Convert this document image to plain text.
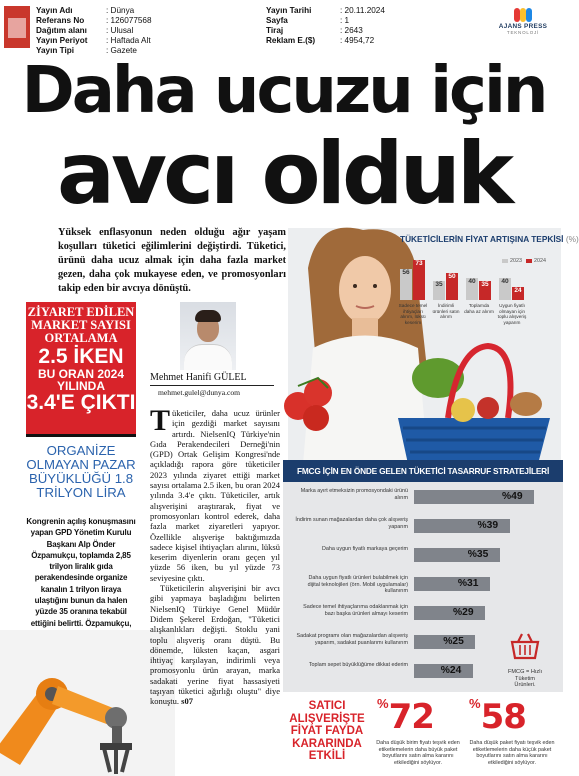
Yayın Adı	: Dünya
Referans No	: 126077568
Dağıtım alanı : Ulusal
Yayın Periyot : Haftada Alt
Yayın Tipi	: Gazete
Yayın Tarihi	: 20.11.2024
Sayfa	: 1
Tiraj	: 2643
Reklam E.($)	: 4954,72
AJANS PRESS
TEKNOLOJİ
Daha ucuzu için
avcı olduk
Yüksek enflasyonun neden olduğu ağır yaşam koşulları tüketici eğilimlerini değiştirdi. Tüketici, ürünü daha ucuz almak için daha fazla market gezen, daha çok mukayese eden, ve promosyonları takip eden bir avcıya dönüştü.
ZİYARET EDİLEN MARKET SAYISI ORTALAMA
2.5 İKEN
BU ORAN 2024 YILINDA
3.4'E ÇIKTI
ORGANİZE OLMAYAN PAZAR BÜYÜKLÜĞÜ 1.8 TRİLYON LİRA
Kongrenin açılış konuşmasını yapan GPD Yönetim Kurulu Başkanı Alp Önder Özpamukçu, toplamda 2,85 trilyon liralık gıda perakendesinde organize kanalın 1 trilyon liraya ulaştığını bunun da halen yüzde 35 oranına tekabül ettiğini belirtti. Özpamukçu,
Mehmet Hanifi GÜLEL
mehmet.gulel@dunya.com

Tüketiciler, daha ucuz ürünler için gezdiği market sayısını artırdı. NielsenIQ Türkiye'nin Gıda Perakendecileri Derneği'nin (GPD) Ortak Gelişim Kongresi'nde açıkladığı rapora göre tüketiciler 2023 yılında ziyaret ettiği market sayısı ortalama 2.5 iken, bu oran 2024 yılında 3.4'e çıktı. Tüketiciler, artık alışverişini araştırarak, fiyat ve promosyonları kontrol ederek, daha fazla market ziyaretleri yapıyor. Özellikle alışverişe baktığımızda sadece kişisel ihtiyaçları alırını, lüksü keserim diyenlerin oranı geçen yıl yüzde 56 iken, bu yıl yüzde 73 seviyesine çıktı.

Tüketicilerin alışverişini bir avcı gibi yapmaya başladığını belirten NielsenIQ Türkiye Genel Müdür Didem Şekerel Erdoğan, "Tüketici alışkanlıkları değişti. Stoklu yani toplu alışveriş oranı düştü. Bu dönemde, lüksten kaçan, asgari ihtiyaç karşılayan, indirimli veya promosyonlu ürün arayan, marka sadakati yerine fiyat hassasiyeti taşıyan tüketici ağırlığı oluştu" diye konuştu. s07

TÜKETİCİLERİN FİYAT ARTIŞINA TEPKİSİ (%)
2023	2024
56
73
Sadece temel ihtiyaçları alırım, lüksü keserim
35
50
İndirimli ürünleri satın alırım
40 35
Toplamda daha az alırım
40
24
Uygun fiyatlı olmayan için toplu alışveriş yaparım
FMCG İÇİN EN ÖNDE GELEN TÜKETİCİ TASARRUF STRATEJİLERİ
Marka ayırt etmeksizin promosyondaki ürünü alırım	%49
İndirim sunan mağazalardan daha çok alışveriş yaparım	%39
Daha uygun fiyatlı markaya geçerim	%35
Daha uygun fiyatlı ürünleri bulabilmek için dijital teknolojileri (örn. Mobil uygulamalar) kullanırım
%31
Sadece temel ihtiyaçlarıma odaklanmak için bazı başka ürünleri almayı keserim	%29
Sadakat programı olan mağazalardan alışveriş yaparım, sadakat puanlarımı kullanırım	%25
Toplam sepet büyüklüğüme dikkat ederim	%24	FMCG = Hızlı Tüketim Ürünleri.
SATICI ALIŞVERİŞTE FİYAT FAYDA KARARINDA ETKİLİ
%72
Daha düşük birim fiyatı teşvik eden etiketlemelerin daha büyük paket boyutlarını satın alma kararını etkilediğini söylüyor.
%58
Daha düşük paket fiyatı teşvik eden etiketlemelerin daha küçük paket boyutlarını satın alma kararını etkilediğini söylüyor.
